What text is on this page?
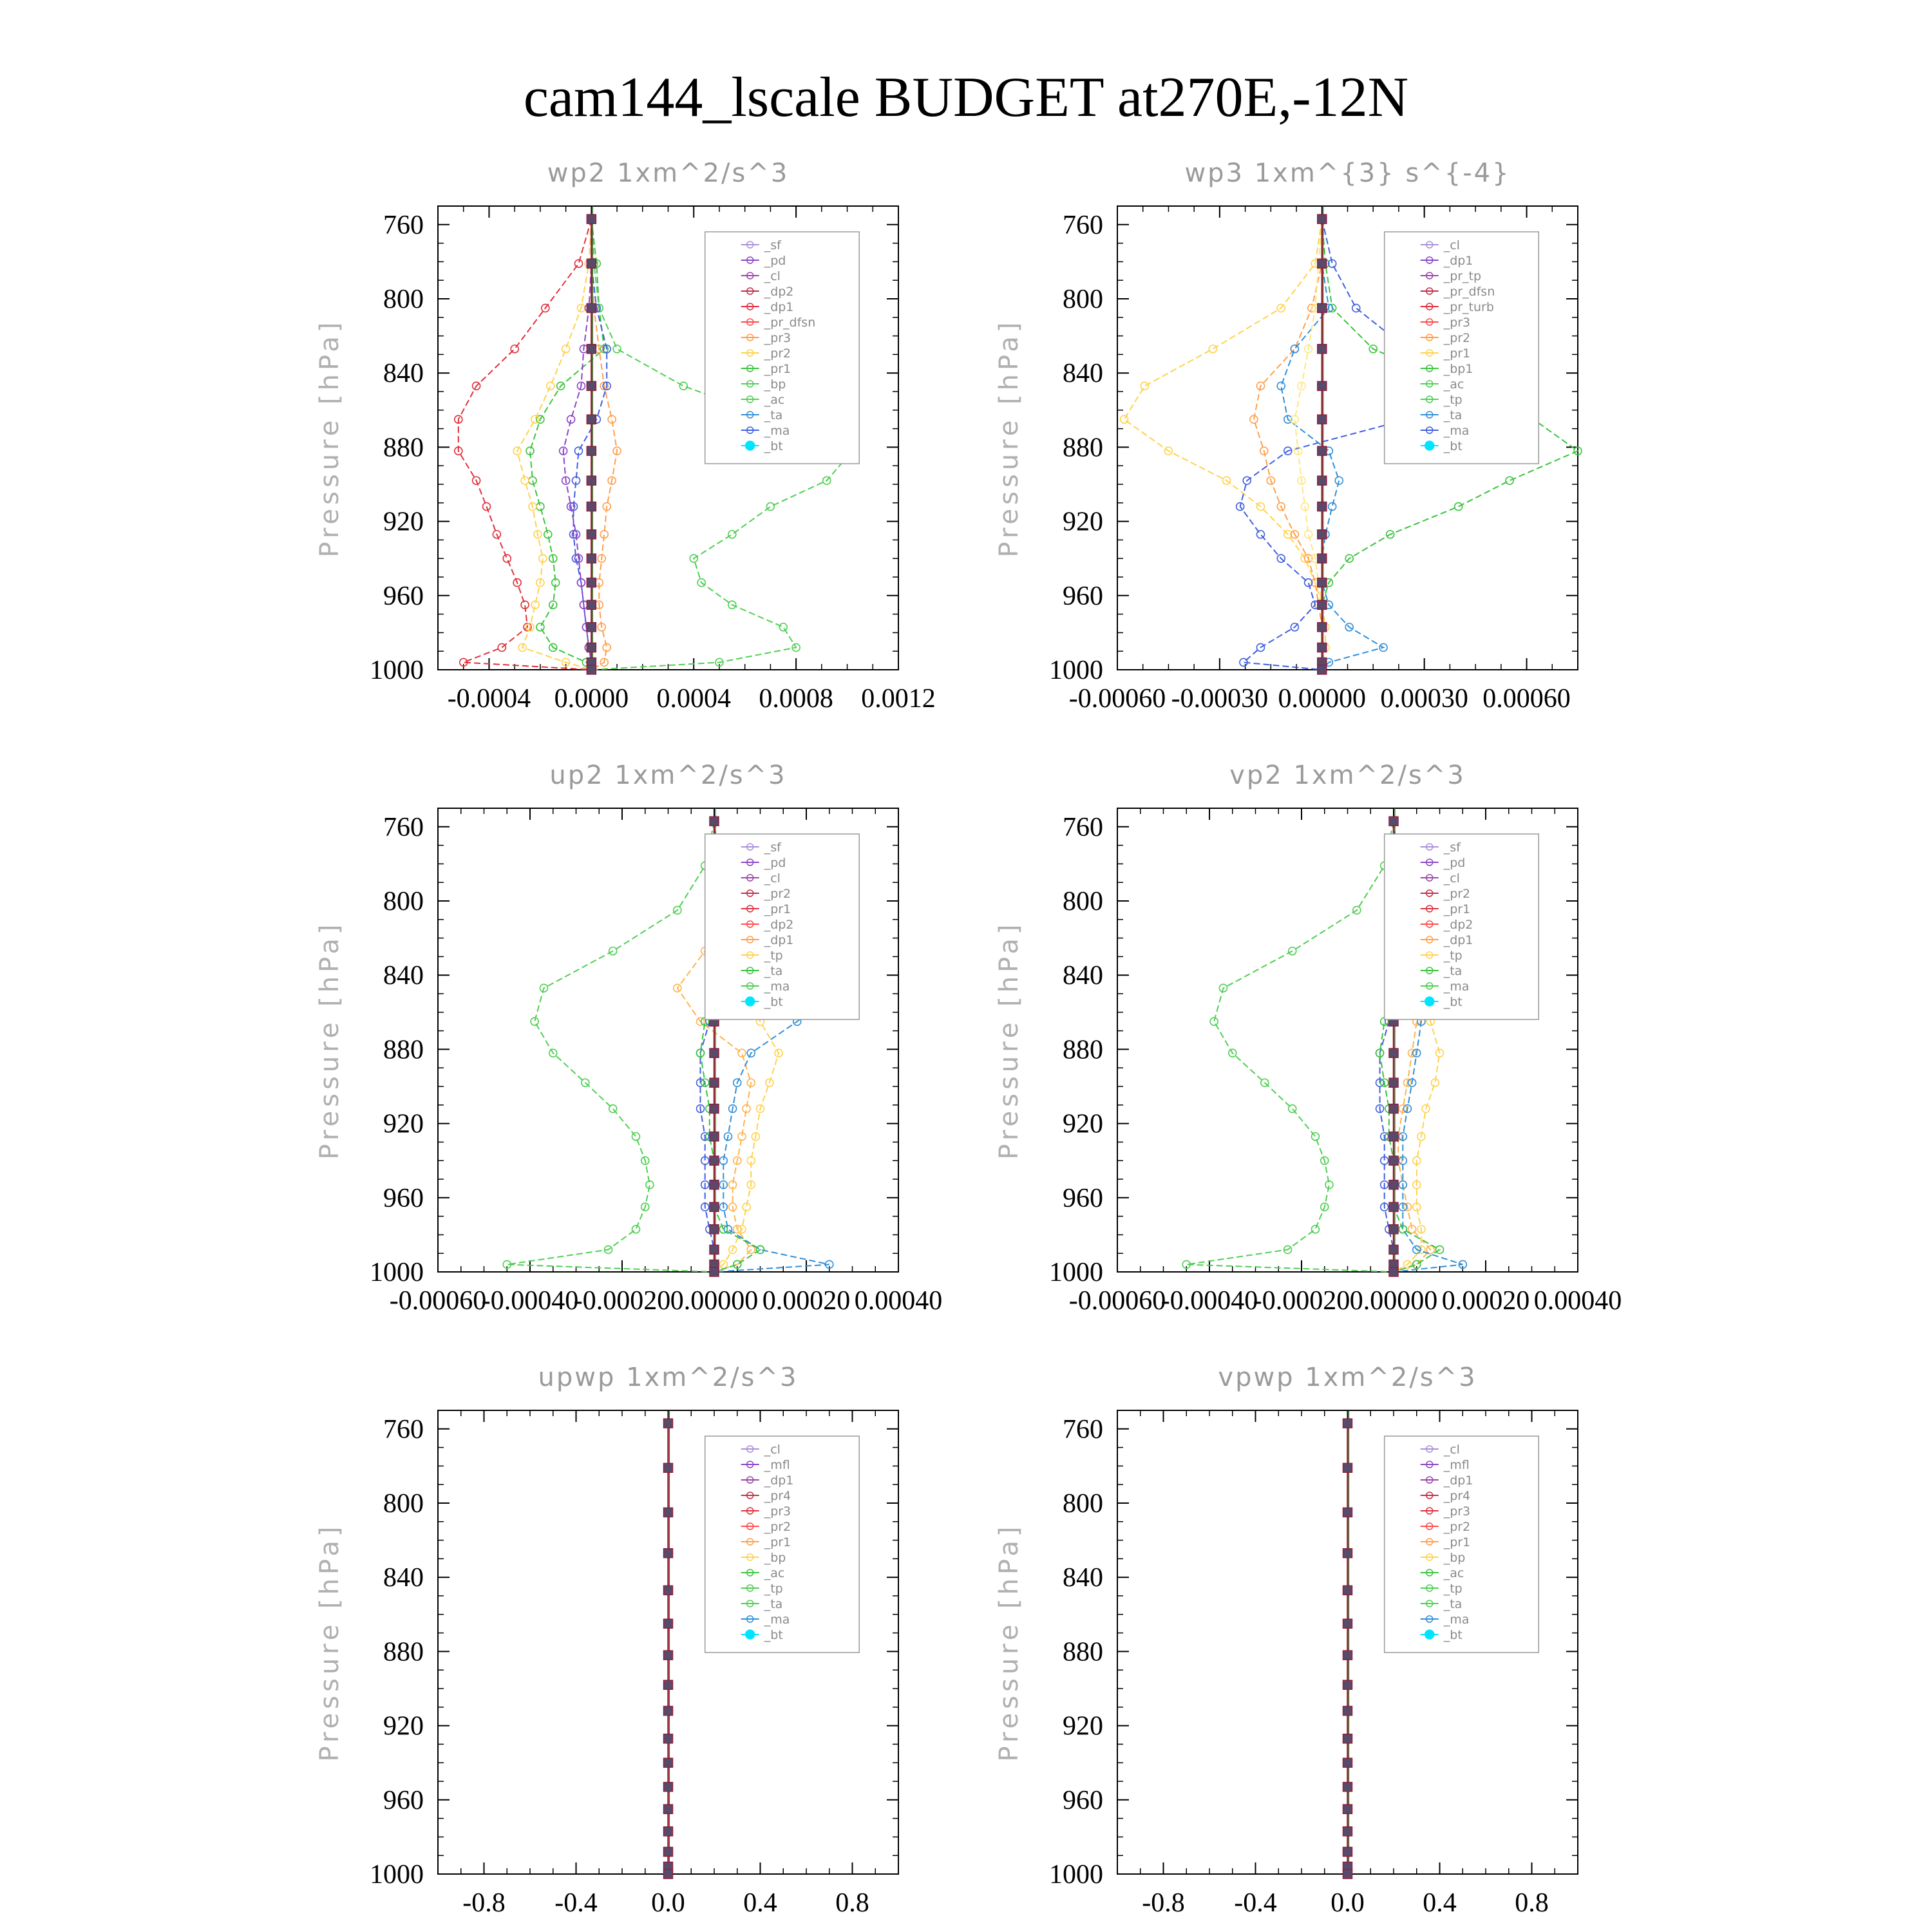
cam144_lscale BUDGET at270E,-12N
wp2 1xm^2/s^3
Pressure [hPa]
760
800
840
880
920
960
1000
-0.0004 0.0000 0.0004 0.0008 0.0012
_sf
_pd
_cl
_dp2
_dp1
_pr_dfsn
_pr3
_pr2
_pr1
_bp
_ac
_ta
_ma
_bt
wp3 1xm^{3} s^{-4}
Pressure [hPa]
760
800
840
880
920
960
1000
-0.00060 -0.00030 0.00000 0.00030 0.00060
_cl
_dp1
_pr_tp
_pr_dfsn
_pr_turb
_pr3
_pr2
_pr1
_bp1
_ac
_tp
_ta
_ma
_bt
up2 1xm^2/s^3
Pressure [hPa]
760
800
840
880
920
960
1000
-0.00060
-0.00040
-0.00020 0.00000 0.00020 0.00040
_sf
_pd
_cl
_pr2
_pr1
_dp2
_dp1
_tp
_ta
_ma
_bt
vp2 1xm^2/s^3
Pressure [hPa]
760
800
840
880
920
960
1000
-0.00060
-0.00040
-0.00020 0.00000 0.00020 0.00040
_sf
_pd
_cl
_pr2
_pr1
_dp2
_dp1
_tp
_ta
_ma
_bt
upwp 1xm^2/s^3
Pressure [hPa]
760
800
840
880
920
960
1000
-0.8 -0.4 0.0 0.4 0.8
_cl
_mfl
_dp1
_pr4
_pr3
_pr2
_pr1
_bp
_ac
_tp
_ta
_ma
_bt
vpwp 1xm^2/s^3
Pressure [hPa]
760
800
840
880
920
960
1000
-0.8 -0.4 0.0 0.4 0.8
_cl
_mfl
_dp1
_pr4
_pr3
_pr2
_pr1
_bp
_ac
_tp
_ta
_ma
_bt
